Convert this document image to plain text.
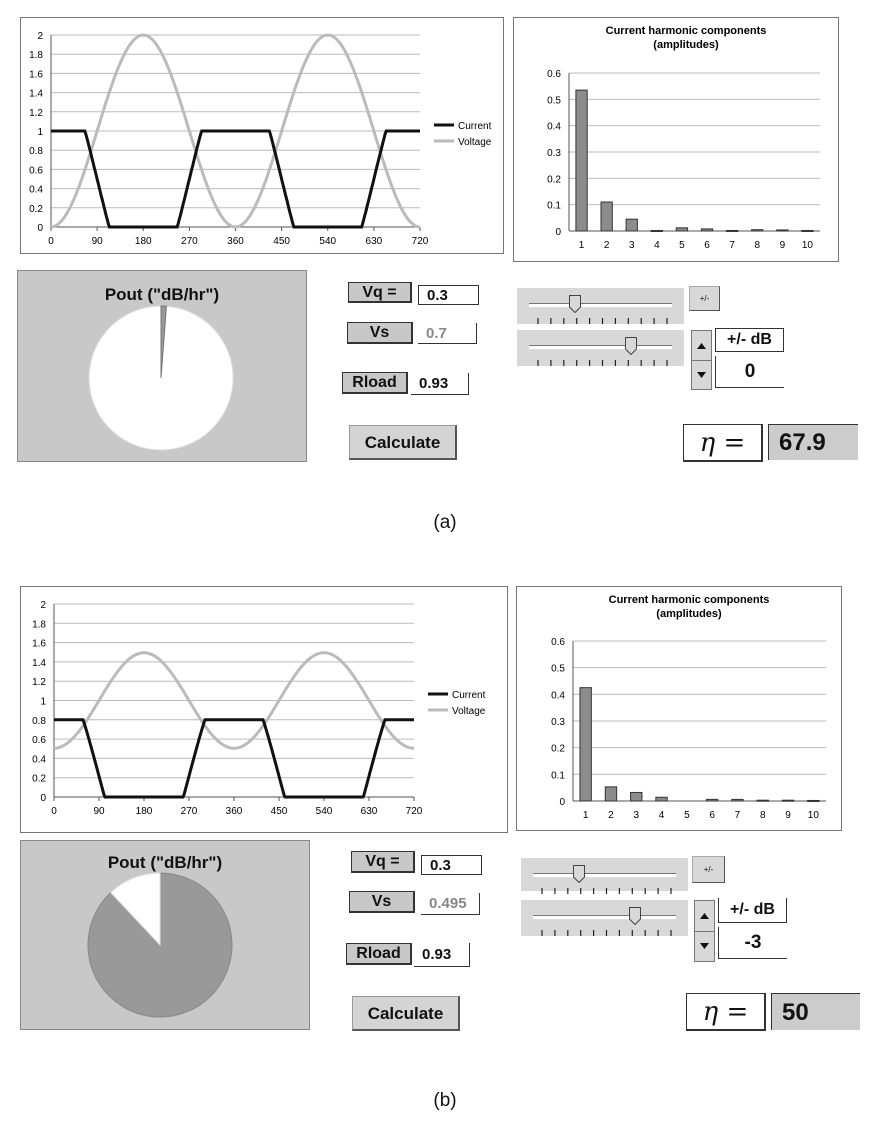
0
0.2
0.4
0.6
0.8
1
1.2
1.4
1.6
1.8
2
0	90	180	270	360	450	540	630	720
Current
Voltage
Current harmonic components
(amplitudes)
0
0.1
0.2
0.3
0.4
0.5
0.6
1 2 3 4 5 6 7 8 9 10
Pout ("dB/hr")	Vq =	0.3
Vs	0.7
Rload	0.93
Calculate
+/-
+/- dB
0
η =	67.9
(a)
0
0.2
0.4
0.6
0.8
1
1.2
1.4
1.6
1.8
2
0	90	180	270	360	450	540	630	720
Current
Voltage
Current harmonic components
(amplitudes)
0
0.1
0.2
0.3
0.4
0.5
0.6
1 2 3 4 5 6 7 8 9 10
Pout ("dB/hr")	Vq =	0.3
Vs	0.495
Rload	0.93
Calculate
+/-
+/- dB
-3
η =	50
(b)
